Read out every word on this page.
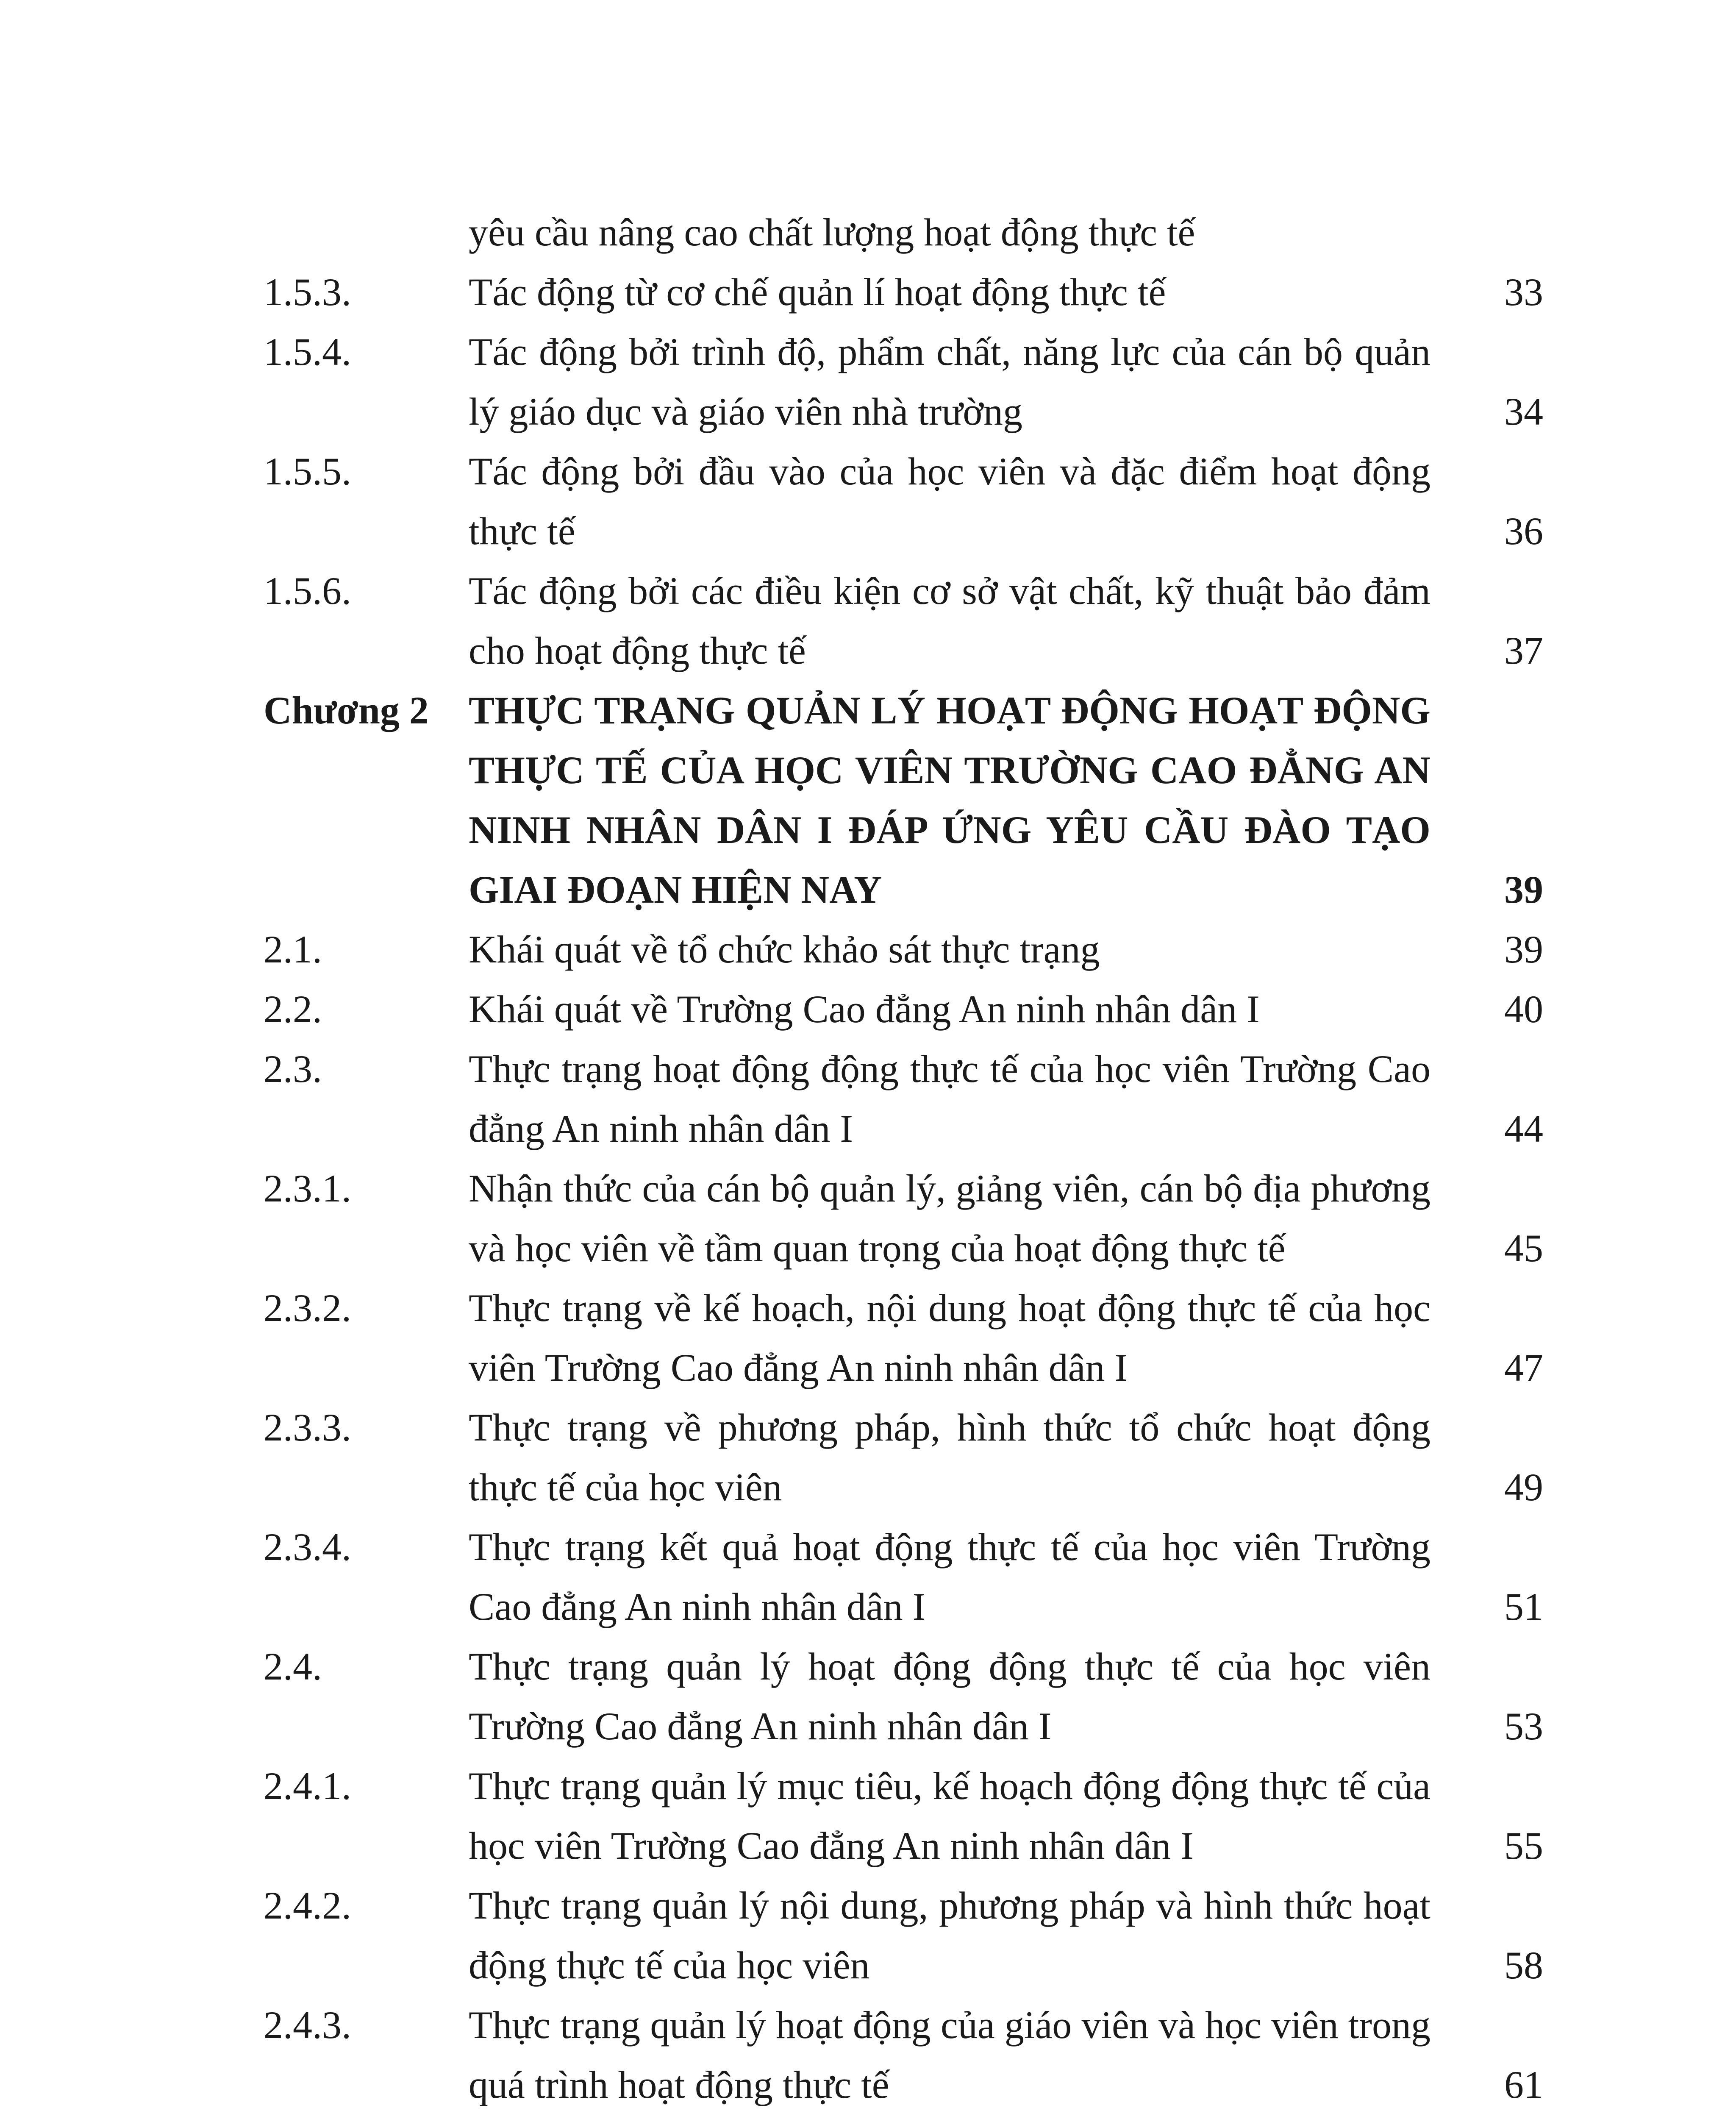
yêu cầu nâng cao chất lượng hoạt động thực tế
1.5.3.	Tác động từ cơ chế quản lí hoạt động thực tế	33
1.5.4.	Tác động bởi trình độ, phẩm chất, năng lực của cán bộ quản lý giáo dục và giáo viên nhà trường	34
1.5.5.	Tác động bởi đầu vào của học viên và đặc điểm hoạt động thực tế	36
1.5.6.	Tác động bởi các điều kiện cơ sở vật chất, kỹ thuật bảo đảm cho hoạt động thực tế	37
Chương 2 THỰC TRẠNG QUẢN LÝ HOẠT ĐỘNG HOẠT ĐỘNG THỰC TẾ CỦA HỌC VIÊN TRƯỜNG CAO ĐẲNG AN NINH NHÂN DÂN I ĐÁP ỨNG YÊU CẦU ĐÀO TẠO GIAI ĐOẠN HIỆN NAY	39
2.1.	Khái quát về tổ chức khảo sát thực trạng	39
2.2.	Khái quát về Trường Cao đẳng An ninh nhân dân I	40
2.3.	Thực trạng hoạt động động thực tế của học viên Trường Cao đẳng An ninh nhân dân I	44
2.3.1.	Nhận thức của cán bộ quản lý, giảng viên, cán bộ địa phương và học viên về tầm quan trọng của hoạt động thực tế	45
2.3.2.	Thực trạng về kế hoạch, nội dung hoạt động thực tế của học viên Trường Cao đẳng An ninh nhân dân I	47
2.3.3.	Thực trạng về phương pháp, hình thức tổ chức hoạt động thực tế của học viên	49
2.3.4.	Thực trạng kết quả hoạt động thực tế của học viên Trường Cao đẳng An ninh nhân dân I	51
2.4.	Thực trạng quản lý hoạt động động thực tế của học viên Trường Cao đẳng An ninh nhân dân I	53
2.4.1.	Thực trạng quản lý mục tiêu, kế hoạch động động thực tế của học viên Trường Cao đẳng An ninh nhân dân I	55
2.4.2.	Thực trạng quản lý nội dung, phương pháp và hình thức hoạt động thực tế của học viên	58
2.4.3.	Thực trạng quản lý hoạt động của giáo viên và học viên trong quá trình hoạt động thực tế	61
